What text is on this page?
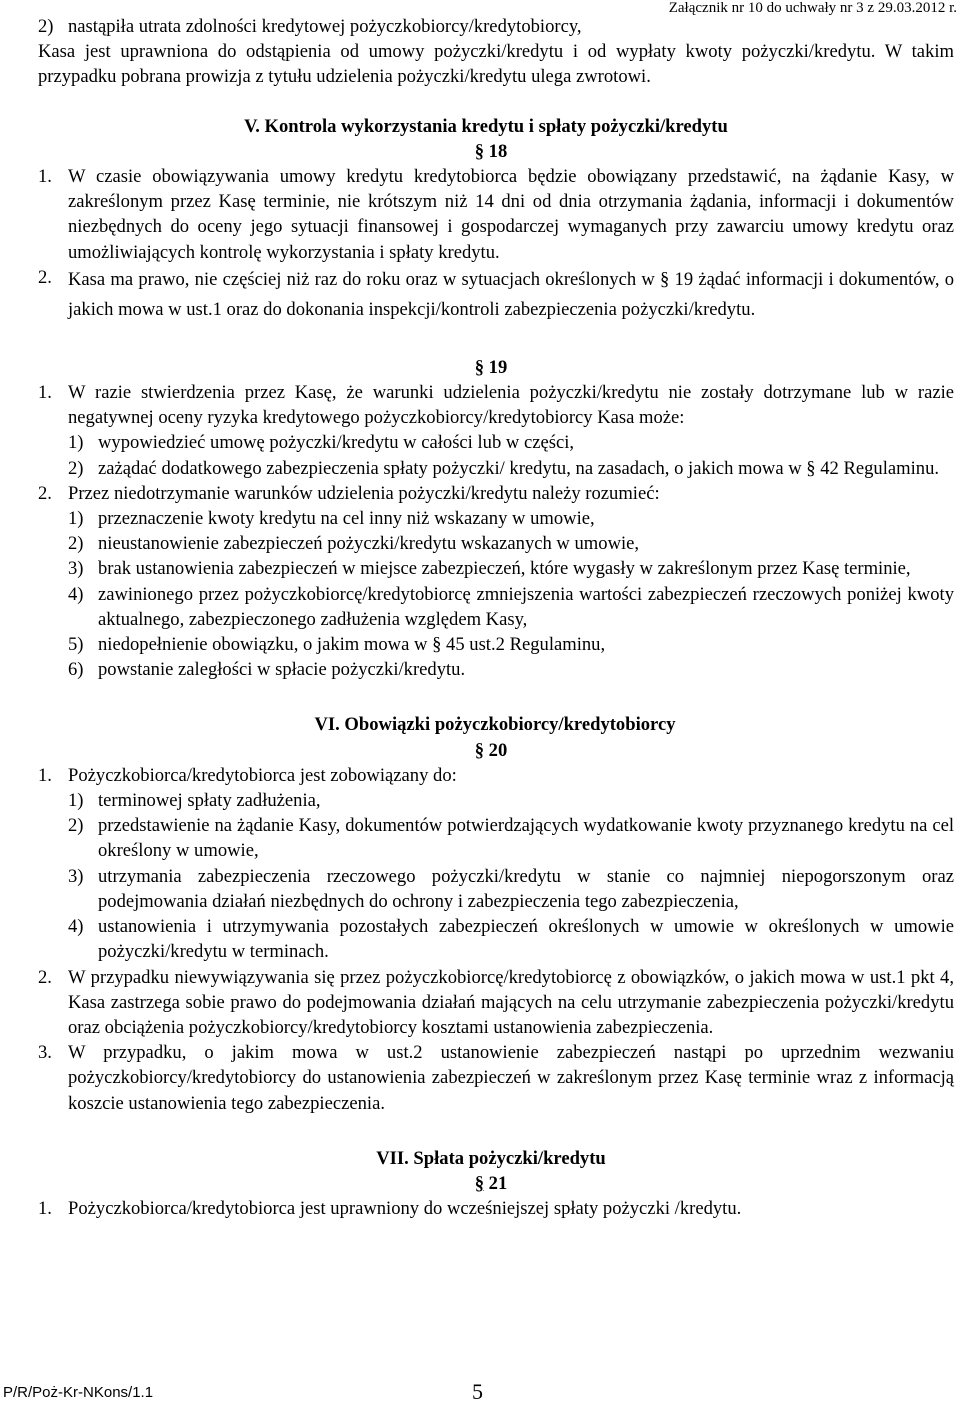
Załącznik nr 10 do uchwały nr 3 z 29.03.2012 r.
2) nastąpiła utrata zdolności kredytowej pożyczkobiorcy/kredytobiorcy,
Kasa jest uprawniona do odstąpienia od umowy pożyczki/kredytu i od wypłaty kwoty pożyczki/kredytu. W takim przypadku pobrana prowizja z tytułu udzielenia pożyczki/kredytu ulega zwrotowi.
V. Kontrola wykorzystania kredytu i spłaty pożyczki/kredytu
§ 18
1. W czasie obowiązywania umowy kredytu kredytobiorca będzie obowiązany przedstawić, na żądanie Kasy, w zakreślonym przez Kasę terminie, nie krótszym niż 14 dni od dnia otrzymania żądania, informacji i dokumentów niezbędnych do oceny jego sytuacji finansowej i gospodarczej wymaganych przy zawarciu umowy kredytu oraz umożliwiających kontrolę wykorzystania i spłaty kredytu.
2. Kasa ma prawo, nie częściej niż raz do roku oraz w sytuacjach określonych w § 19 żądać informacji i dokumentów, o jakich mowa w ust.1 oraz do dokonania inspekcji/kontroli zabezpieczenia pożyczki/kredytu.
§ 19
1. W razie stwierdzenia przez Kasę, że warunki udzielenia pożyczki/kredytu nie zostały dotrzymane lub w razie negatywnej oceny ryzyka kredytowego pożyczkobiorcy/kredytobiorcy Kasa może:
1) wypowiedzieć umowę pożyczki/kredytu w całości lub w części,
2) zażądać dodatkowego zabezpieczenia spłaty pożyczki/ kredytu, na zasadach, o jakich mowa w § 42 Regulaminu.
2. Przez niedotrzymanie warunków udzielenia pożyczki/kredytu należy rozumieć:
1) przeznaczenie kwoty kredytu na cel inny niż wskazany w umowie,
2) nieustanowienie zabezpieczeń pożyczki/kredytu wskazanych w umowie,
3) brak ustanowienia zabezpieczeń w miejsce zabezpieczeń, które wygasły w zakreślonym przez Kasę terminie,
4) zawinionego przez pożyczkobiorcę/kredytobiorcę zmniejszenia wartości zabezpieczeń rzeczowych poniżej kwoty aktualnego, zabezpieczonego zadłużenia względem Kasy,
5) niedopełnienie obowiązku, o jakim mowa w § 45 ust.2 Regulaminu,
6) powstanie zaległości w spłacie pożyczki/kredytu.
VI. Obowiązki pożyczkobiorcy/kredytobiorcy
§ 20
1. Pożyczkobiorca/kredytobiorca jest zobowiązany do:
1) terminowej spłaty zadłużenia,
2) przedstawienie na żądanie Kasy, dokumentów potwierdzających wydatkowanie kwoty przyznanego kredytu na cel określony w umowie,
3) utrzymania zabezpieczenia rzeczowego pożyczki/kredytu w stanie co najmniej niepogorszonym oraz podejmowania działań niezbędnych do ochrony i zabezpieczenia tego zabezpieczenia,
4) ustanowienia i utrzymywania pozostałych zabezpieczeń określonych w umowie w określonych w umowie pożyczki/kredytu w terminach.
2. W przypadku niewywiązywania się przez pożyczkobiorcę/kredytobiorcę z obowiązków, o jakich mowa w ust.1 pkt 4, Kasa zastrzega sobie prawo do podejmowania działań mających na celu utrzymanie zabezpieczenia pożyczki/kredytu oraz obciążenia pożyczkobiorcy/kredytobiorcy kosztami ustanowienia zabezpieczenia.
3. W przypadku, o jakim mowa w ust.2 ustanowienie zabezpieczeń nastąpi po uprzednim wezwaniu pożyczkobiorcy/kredytobiorcy do ustanowienia zabezpieczeń w zakreślonym przez Kasę terminie wraz z informacją koszcie ustanowienia tego zabezpieczenia.
VII. Spłata pożyczki/kredytu
§ 21
1. Pożyczkobiorca/kredytobiorca jest uprawniony do wcześniejszej spłaty pożyczki /kredytu.
P/R/Poż-Kr-NKons/1.1	5
